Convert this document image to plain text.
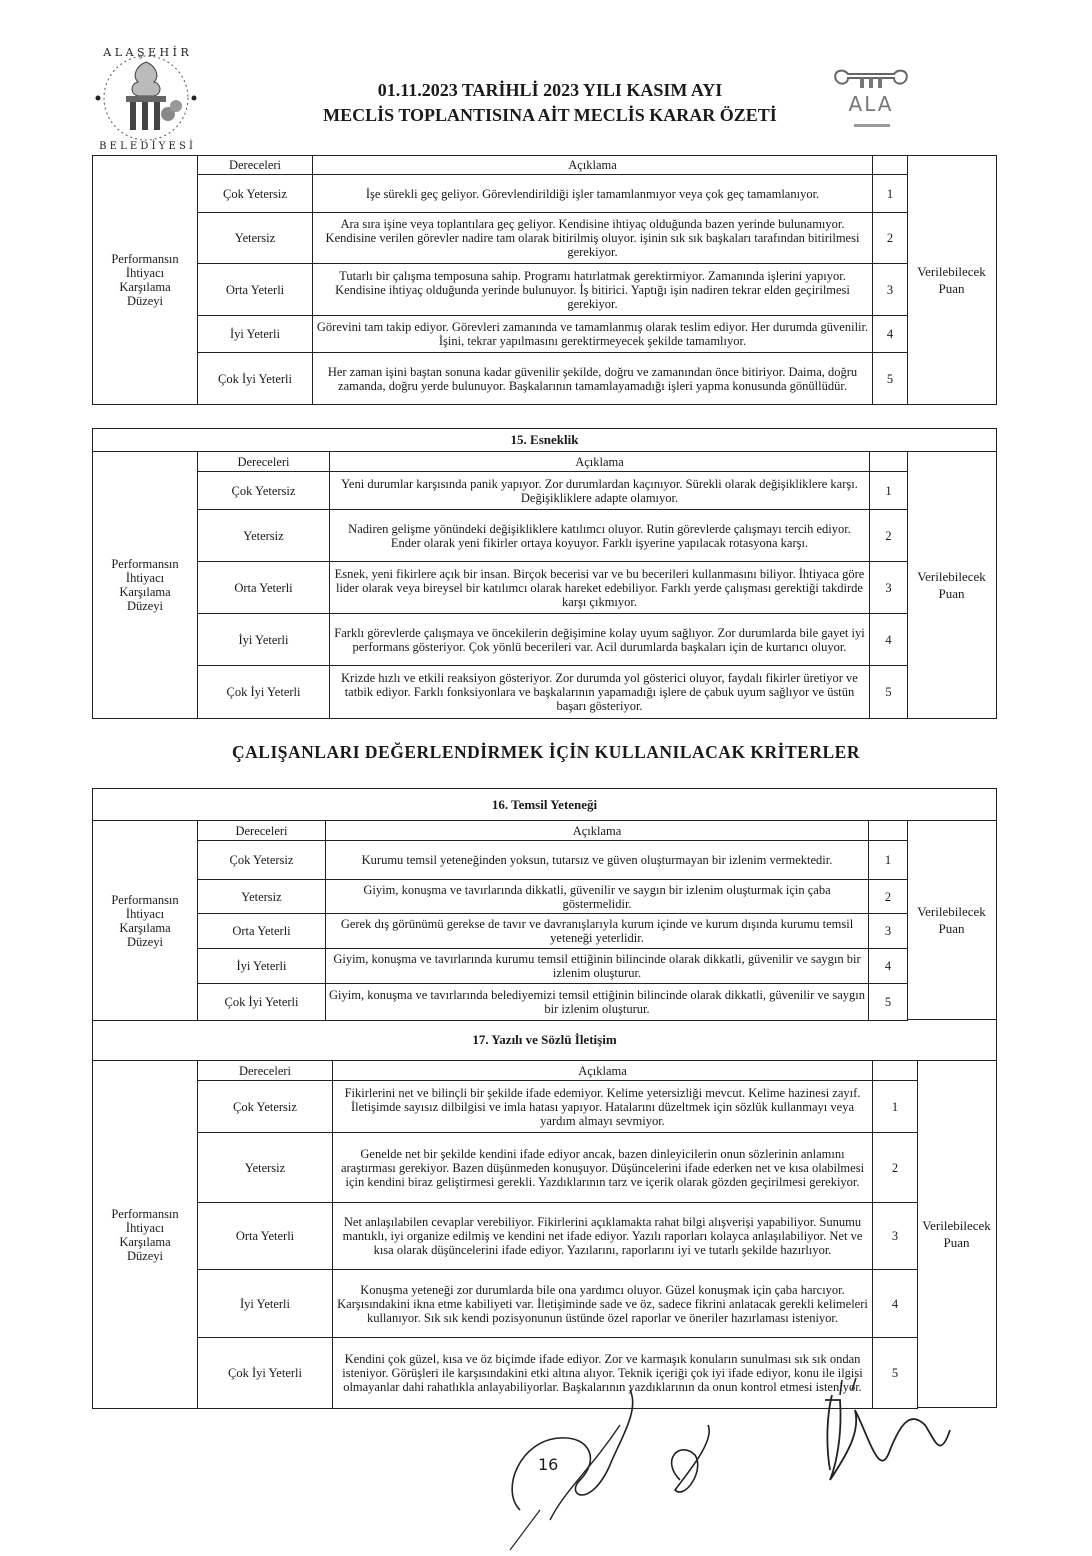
A L A Ş E H İ R
B E L E D İ Y E S İ
01.11.2023 TARİHLİ 2023 YILI KASIM AYI
MECLİS TOPLANTISINA AİT MECLİS KARAR ÖZETİ	ALA
Performansın
İhtiyacı
Karşılama
Düzeyi	Dereceleri	Açıklama	
	Çok Yetersiz	İşe sürekli geç geliyor. Görevlendirildiği işler tamamlanmıyor veya çok geç tamamlanıyor.	1
	Yetersiz	Ara sıra işine veya toplantılara geç geliyor. Kendisine ihtiyaç olduğunda bazen yerinde bulunamıyor. Kendisine verilen görevler nadire tam olarak bitirilmiş oluyor. işinin sık sık başkaları tarafından bitirilmesi gerekiyor.	2
	Orta Yeterli	Tutarlı bir çalışma temposuna sahip. Programı hatırlatmak gerektirmiyor. Zamanında işlerini yapıyor. Kendisine ihtiyaç olduğunda yerinde bulunuyor. İş bitirici. Yaptığı işin nadiren tekrar elden geçirilmesi gerekiyor.	3
	İyi Yeterli	Görevini tam takip ediyor. Görevleri zamanında ve tamamlanmış olarak teslim ediyor. Her durumda güvenilir. İşini, tekrar yapılmasını gerektirmeyecek şekilde tamamlıyor.	4
	Çok İyi Yeterli	Her zaman işini baştan sonuna kadar güvenilir şekilde, doğru ve zamanından önce bitiriyor. Daima, doğru zamanda, doğru yerde bulunuyor. Başkalarının tamamlayamadığı işleri yapma konusunda gönüllüdür.	5
Verilebilecek
Puan
15. Esneklik
Performansın
İhtiyacı
Karşılama
Düzeyi	Dereceleri	Açıklama	
	Çok Yetersiz	Yeni durumlar karşısında panik yapıyor. Zor durumlardan kaçınıyor. Sürekli olarak değişikliklere karşı. Değişikliklere adapte olamıyor.	1
	Yetersiz	Nadiren gelişme yönündeki değişikliklere katılımcı oluyor. Rutin görevlerde çalışmayı tercih ediyor. Ender olarak yeni fikirler ortaya koyuyor. Farklı işyerine yapılacak rotasyona karşı.	2
	Orta Yeterli	Esnek, yeni fikirlere açık bir insan. Birçok becerisi var ve bu becerileri kullanmasını biliyor. İhtiyaca göre lider olarak veya bireysel bir katılımcı olarak hareket edebiliyor. Farklı yerde çalışması gerektiği takdirde karşı çıkmıyor.	3
	İyi Yeterli	Farklı görevlerde çalışmaya ve öncekilerin değişimine kolay uyum sağlıyor. Zor durumlarda bile gayet iyi performans gösteriyor. Çok yönlü becerileri var. Acil durumlarda başkaları için de kurtarıcı oluyor.	4
	Çok İyi Yeterli	Krizde hızlı ve etkili reaksiyon gösteriyor. Zor durumda yol gösterici oluyor, faydalı fikirler üretiyor ve tatbik ediyor. Farklı fonksiyonlara ve başkalarının yapamadığı işlere de çabuk uyum sağlıyor ve üstün başarı gösteriyor.	5
Verilebilecek
Puan
ÇALIŞANLARI DEĞERLENDİRMEK İÇİN KULLANILACAK KRİTERLER
16. Temsil Yeteneği
Performansın
İhtiyacı
Karşılama
Düzeyi	Dereceleri	Açıklama	
	Çok Yetersiz	Kurumu temsil yeteneğinden yoksun, tutarsız ve güven oluşturmayan bir izlenim vermektedir.	1
	Yetersiz	Giyim, konuşma ve tavırlarında dikkatli, güvenilir ve saygın bir izlenim oluşturmak için çaba göstermelidir.	2
	Orta Yeterli	Gerek dış görünümü gerekse de tavır ve davranışlarıyla kurum içinde ve kurum dışında kurumu temsil yeteneği yeterlidir.	3
	İyi Yeterli	Giyim, konuşma ve tavırlarında kurumu temsil ettiğinin bilincinde olarak dikkatli, güvenilir ve saygın bir izlenim oluşturur.	4
	Çok İyi Yeterli	Giyim, konuşma ve tavırlarında belediyemizi temsil ettiğinin bilincinde olarak dikkatli, güvenilir ve saygın bir izlenim oluşturur.	5
Verilebilecek
Puan
17. Yazılı ve Sözlü İletişim
Performansın
İhtiyacı
Karşılama
Düzeyi	Dereceleri	Açıklama	
	Çok Yetersiz	Fikirlerini net ve bilinçli bir şekilde ifade edemiyor. Kelime yetersizliği mevcut. Kelime hazinesi zayıf. İletişimde sayısız dilbilgisi ve imla hatası yapıyor. Hatalarını düzeltmek için sözlük kullanmayı veya yardım almayı sevmiyor.	1
	Yetersiz	Genelde net bir şekilde kendini ifade ediyor ancak, bazen dinleyicilerin onun sözlerinin anlamını araştırması gerekiyor. Bazen düşünmeden konuşuyor. Düşüncelerini ifade ederken net ve kısa olabilmesi için kendini biraz geliştirmesi gerekli. Yazdıklarının tarz ve içerik olarak gözden geçirilmesi gerekiyor.	2
	Orta Yeterli	Net anlaşılabilen cevaplar verebiliyor. Fikirlerini açıklamakta rahat bilgi alışverişi yapabiliyor. Sunumu mantıklı, iyi organize edilmiş ve kendini net ifade ediyor. Yazılı raporları kolayca anlaşılabiliyor. Net ve kısa olarak düşüncelerini ifade ediyor. Yazılarını, raporlarını iyi ve tutarlı şekilde hazırlıyor.	3
	İyi Yeterli	Konuşma yeteneği zor durumlarda bile ona yardımcı oluyor. Güzel konuşmak için çaba harcıyor. Karşısındakini ikna etme kabiliyeti var. İletişiminde sade ve öz, sadece fikrini anlatacak gerekli kelimeleri kullanıyor. Sık sık kendi pozisyonunun üstünde özel raporlar ve öneriler hazırlaması isteniyor.	4
	Çok İyi Yeterli	Kendini çok güzel, kısa ve öz biçimde ifade ediyor. Zor ve karmaşık konuların sunulması sık sık ondan isteniyor. Görüşleri ile karşısındakini etki altına alıyor. Teknik içeriği çok iyi ifade ediyor, konu ile ilgisi olmayanlar dahi rahatlıkla anlayabiliyorlar. Başkalarının yazdıklarının da onun kontrol etmesi isteniyor.	5
Verilebilecek
Puan
16
